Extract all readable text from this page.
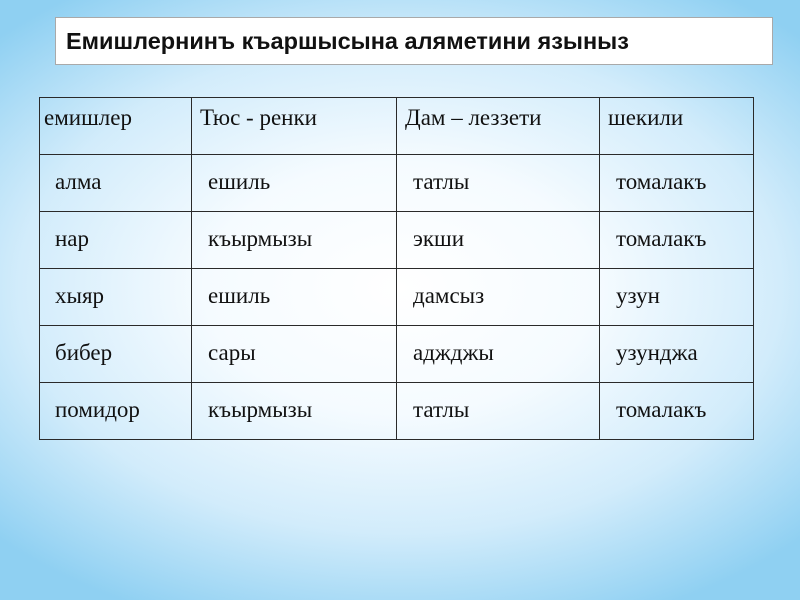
Емишлернинъ къаршысына аляметини языныз
емишлер	Тюс - ренки	Дам – леззети	шекили
алма	ешиль	татлы	томалакъ
нар	къырмызы	экши	томалакъ
хыяр	ешиль	дамсыз	узун
бибер	сары	аджджы	узунджа
помидор	къырмызы	татлы	томалакъ
